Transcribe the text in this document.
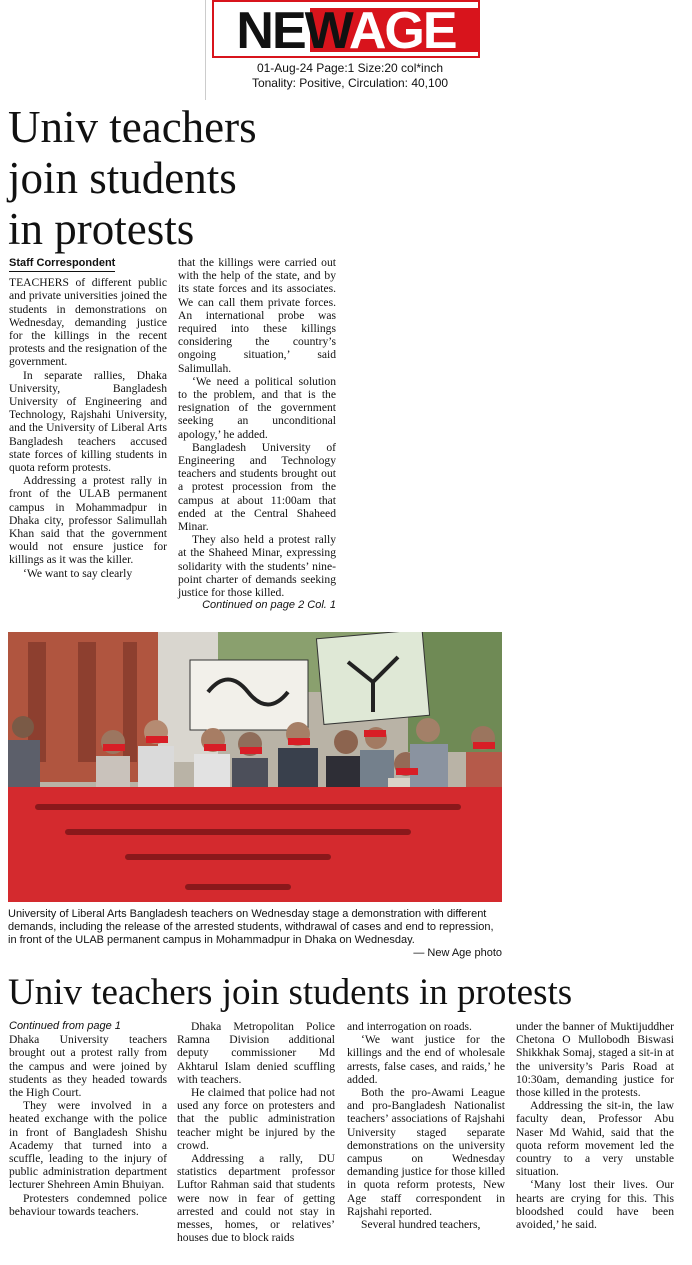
NEWAGE
01-Aug-24 Page:1 Size:20 col*inch
Tonality: Positive, Circulation: 40,100
Univ teachers
join students
in protests
Staff Correspondent

TEACHERS of different public and private universities joined the students in demonstrations on Wednesday, demanding justice for the killings in the recent protests and the resignation of the government.

In separate rallies, Dhaka University, Bangladesh University of Engineering and Technology, Rajshahi University, and the University of Liberal Arts Bangladesh teachers accused state forces of killing students in quota reform protests.

Addressing a protest rally in front of the ULAB permanent campus in Mohammadpur in Dhaka city, professor Salimullah Khan said that the government would not ensure justice for killings as it was the killer.

‘We want to say clearly

that the killings were carried out with the help of the state, and by its state forces and its associates. We can call them private forces. An international probe was required into these killings considering the country’s ongoing situation,’ said Salimullah.

‘We need a political solution to the problem, and that is the resignation of the government seeking an unconditional apology,’ he added.

Bangladesh University of Engineering and Technology teachers and students brought out a protest procession from the campus at about 11:00am that ended at the Central Shaheed Minar.

They also held a protest rally at the Shaheed Minar, expressing solidarity with the students’ nine-point charter of demands seeking justice for those killed.

Continued on page 2 Col. 1
University of Liberal Arts Bangladesh teachers on Wednesday stage a demonstration with different demands, including the release of the arrested students, withdrawal of cases and end to repression, in front of the ULAB permanent campus in Mohammadpur in Dhaka on Wednesday.
— New Age photo
Univ teachers join students in protests
Continued from page 1

Dhaka University teachers brought out a protest rally from the campus and were joined by students as they headed towards the High Court.

They were involved in a heated exchange with the police in front of Bangladesh Shishu Academy that turned into a scuffle, leading to the injury of public administration department lecturer Shehreen Amin Bhuiyan.

Protesters condemned police behaviour towards teachers.

Dhaka Metropolitan Police Ramna Division additional deputy commissioner Md Akhtarul Islam denied scuffling with teachers.

He claimed that police had not used any force on protesters and that the public administration teacher might be injured by the crowd.

Addressing a rally, DU statistics department professor Luftor Rahman said that students were now in fear of getting arrested and could not stay in messes, homes, or relatives’ houses due to block raids

and interrogation on roads.

‘We want justice for the killings and the end of wholesale arrests, false cases, and raids,’ he added.

Both the pro-Awami League and pro-Bangladesh Nationalist teachers’ associations of Rajshahi University staged separate demonstrations on the university campus on Wednesday demanding justice for those killed in quota reform protests, New Age staff correspondent in Rajshahi reported.

Several hundred teachers,

under the banner of Muktijuddher Chetona O Mullobodh Biswasi Shikkhak Somaj, staged a sit-in at the university’s Paris Road at 10:30am, demanding justice for those killed in the protests.

Addressing the sit-in, the law faculty dean, Professor Abu Naser Md Wahid, said that the quota reform movement led the country to a very unstable situation.

‘Many lost their lives. Our hearts are crying for this. This bloodshed could have been avoided,’ he said.
